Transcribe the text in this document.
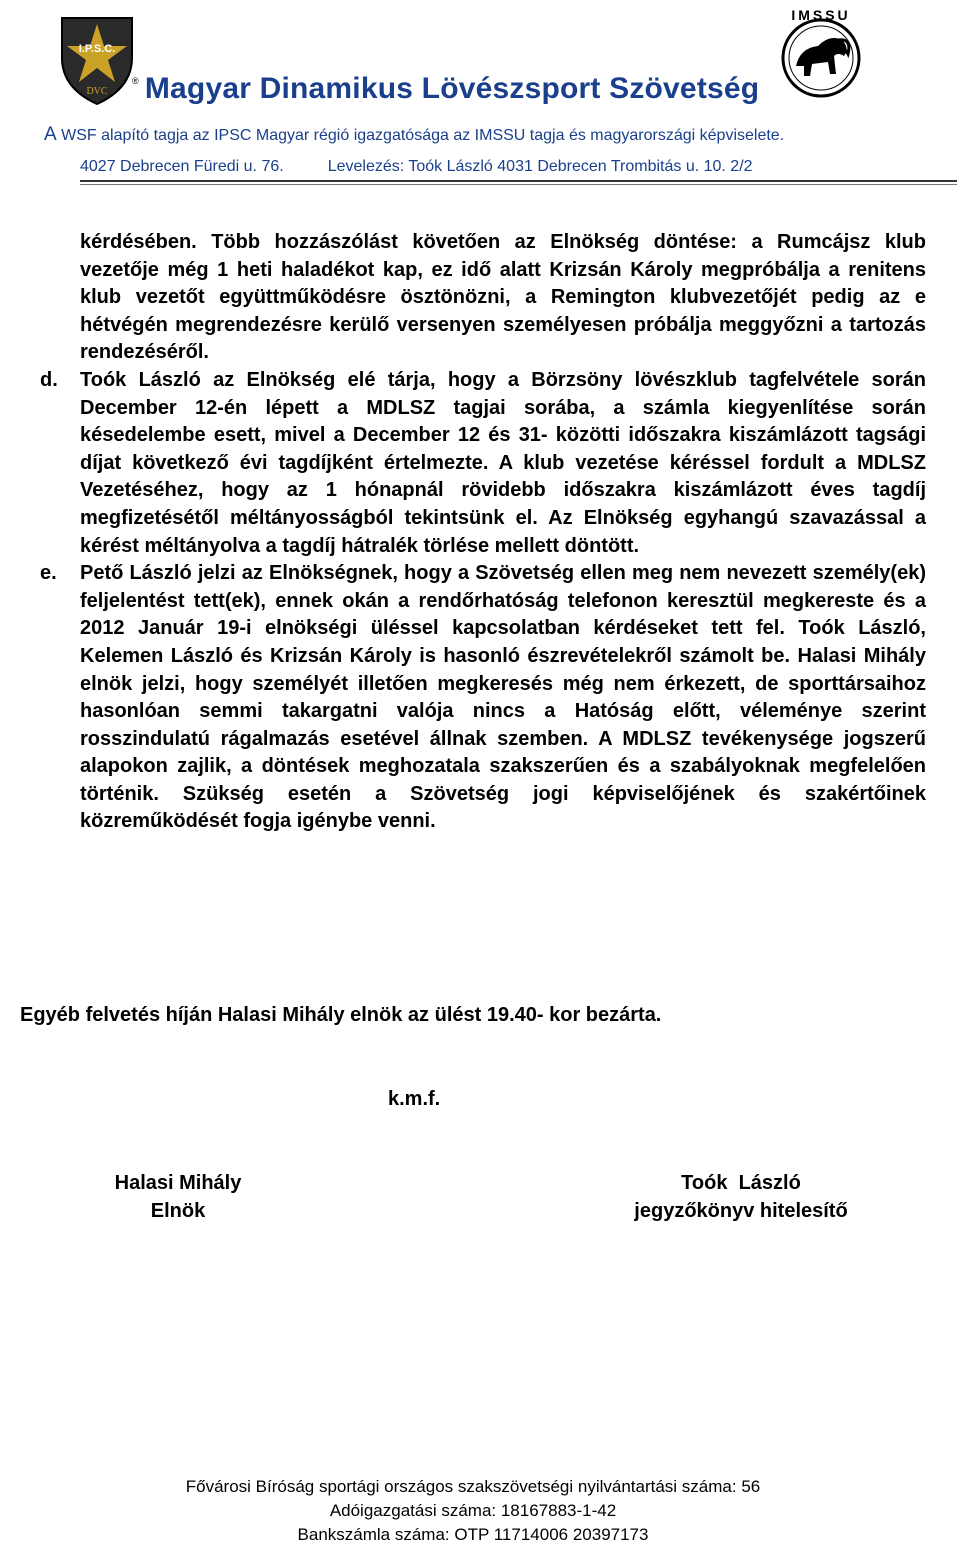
I.P.S.C.
DVC
IMSSU
® Magyar Dinamikus Lövészsport Szövetség
A WSF alapító tagja az IPSC Magyar régió igazgatósága az IMSSU tagja és magyarországi képviselete.
4027 Debrecen Füredi u. 76.	Levelezés: Toók László 4031 Debrecen Trombitás u. 10. 2/2

kérdésében. Több hozzászólást követően az Elnökség döntése: a Rumcájsz klub vezetője még 1 heti haladékot kap, ez idő alatt Krizsán Károly megpróbálja a renitens klub vezetőt együttműködésre ösztönözni, a Remington klubvezetőjét pedig az e hétvégén megrendezésre kerülő versenyen személyesen próbálja meggyőzni a tartozás rendezéséről.

d.	Toók László az Elnökség elé tárja, hogy a Börzsöny lövészklub tagfelvétele során December 12-én lépett a MDLSZ tagjai sorába, a számla kiegyenlítése során késedelembe esett, mivel a December 12 és 31- közötti időszakra kiszámlázott tagsági díjat következő évi tagdíjként értelmezte. A klub vezetése kéréssel fordult a MDLSZ Vezetéséhez, hogy az 1 hónapnál rövidebb időszakra kiszámlázott éves tagdíj megfizetésétől méltányosságból tekintsünk el. Az Elnökség egyhangú szavazással a kérést méltányolva a tagdíj hátralék törlése mellett döntött.
e.	Pető László jelzi az Elnökségnek, hogy a Szövetség ellen meg nem nevezett személy(ek) feljelentést tett(ek), ennek okán a rendőrhatóság telefonon keresztül megkereste és a 2012 Január 19-i elnökségi üléssel kapcsolatban kérdéseket tett fel. Toók László, Kelemen László és Krizsán Károly is hasonló észrevételekről számolt be. Halasi Mihály elnök jelzi, hogy személyét illetően megkeresés még nem érkezett, de sporttársaihoz hasonlóan semmi takargatni valója nincs a Hatóság előtt, véleménye szerint rosszindulatú rágalmazás esetével állnak szemben. A MDLSZ tevékenysége jogszerű alapokon zajlik, a döntések meghozatala szakszerűen és a szabályoknak megfelelően történik. Szükség esetén a Szövetség jogi képviselőjének és szakértőinek közreműködését fogja igénybe venni.
Egyéb felvetés híján Halasi Mihály elnök az ülést 19.40- kor bezárta.
k.m.f.
Halasi Mihály
Elnök
Toók  László
jegyzőkönyv hitelesítő
Fővárosi Bíróság sportági országos szakszövetségi nyilvántartási száma: 56
Adóigazgatási száma: 18167883-1-42
Bankszámla száma: OTP 11714006 20397173
